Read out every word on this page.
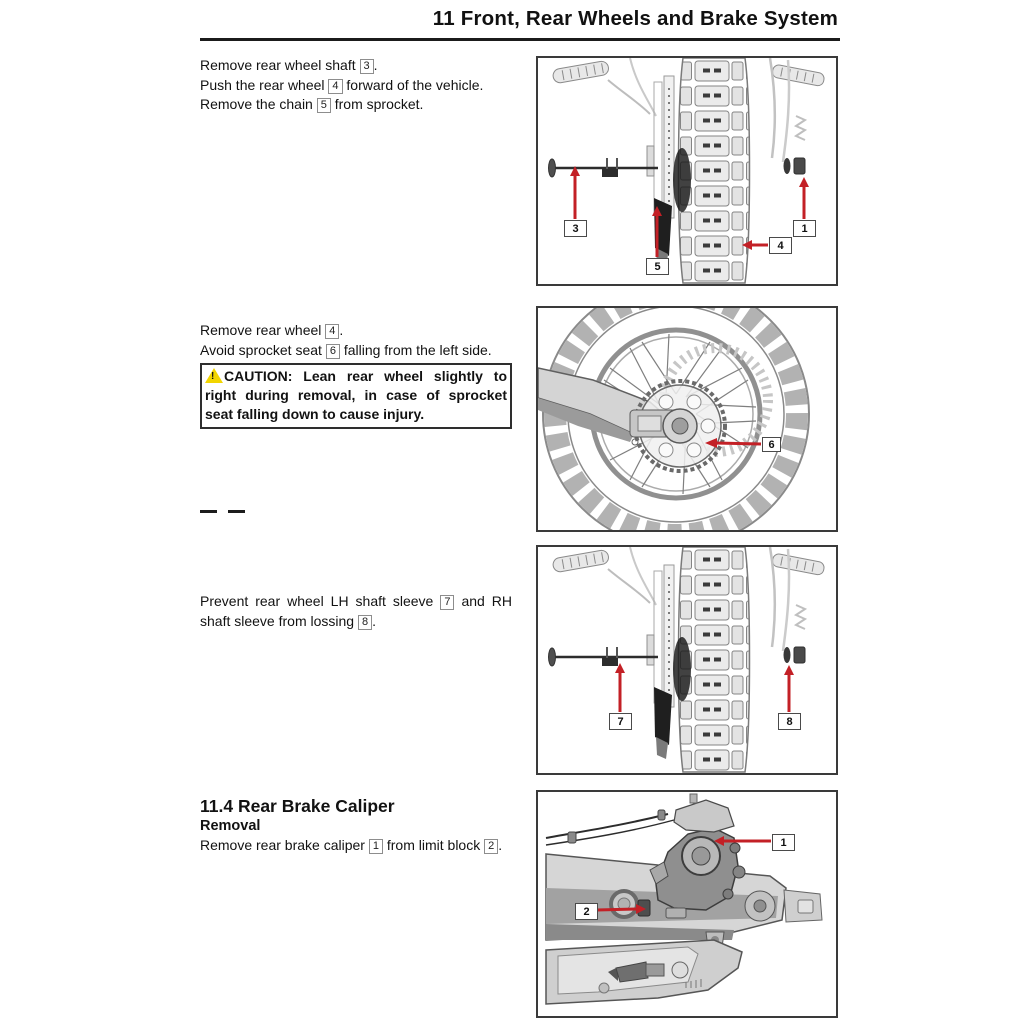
11 Front, Rear Wheels and Brake System

Remove rear wheel shaft 3 .

Push the rear wheel 4 forward of the vehicle.

Remove the chain 5 from sprocket.

Remove rear wheel 4 .

Avoid sprocket seat 6 falling from the left side.

! CAUTION: Lean rear wheel slightly to right during removal, in case of sprocket seat falling down to cause injury.

Prevent rear wheel LH shaft sleeve 7 and RH shaft sleeve from lossing 8 .

11.4 Rear Brake Caliper

Removal

Remove rear brake caliper 1 from limit block 2 .

3
5
4
1
6
7	8
1
2
